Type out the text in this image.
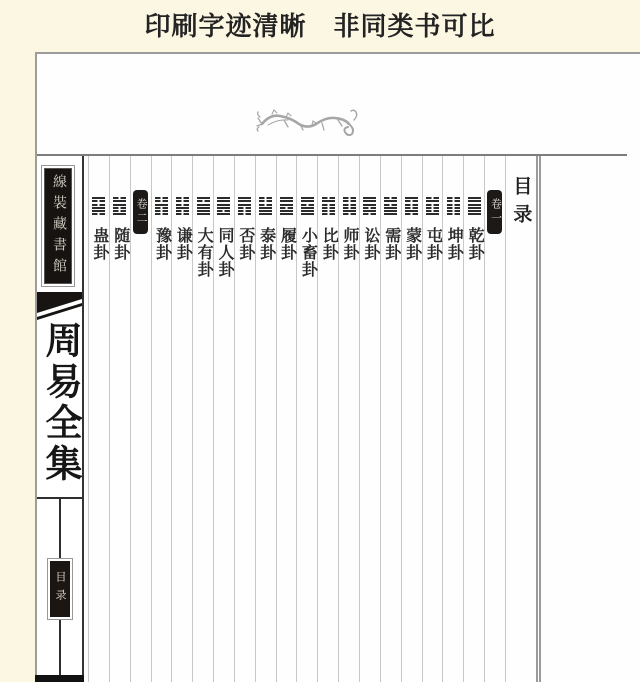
印刷字迹清晰　非同类书可比
線裝藏書館
周易全集
目录
蛊卦 随卦
卷二
豫卦 谦卦 大有卦 同人卦 否卦 泰卦 履卦 小畜卦 比卦 师卦 讼卦 需卦 蒙卦 屯卦 坤卦 乾卦
卷一 目录
